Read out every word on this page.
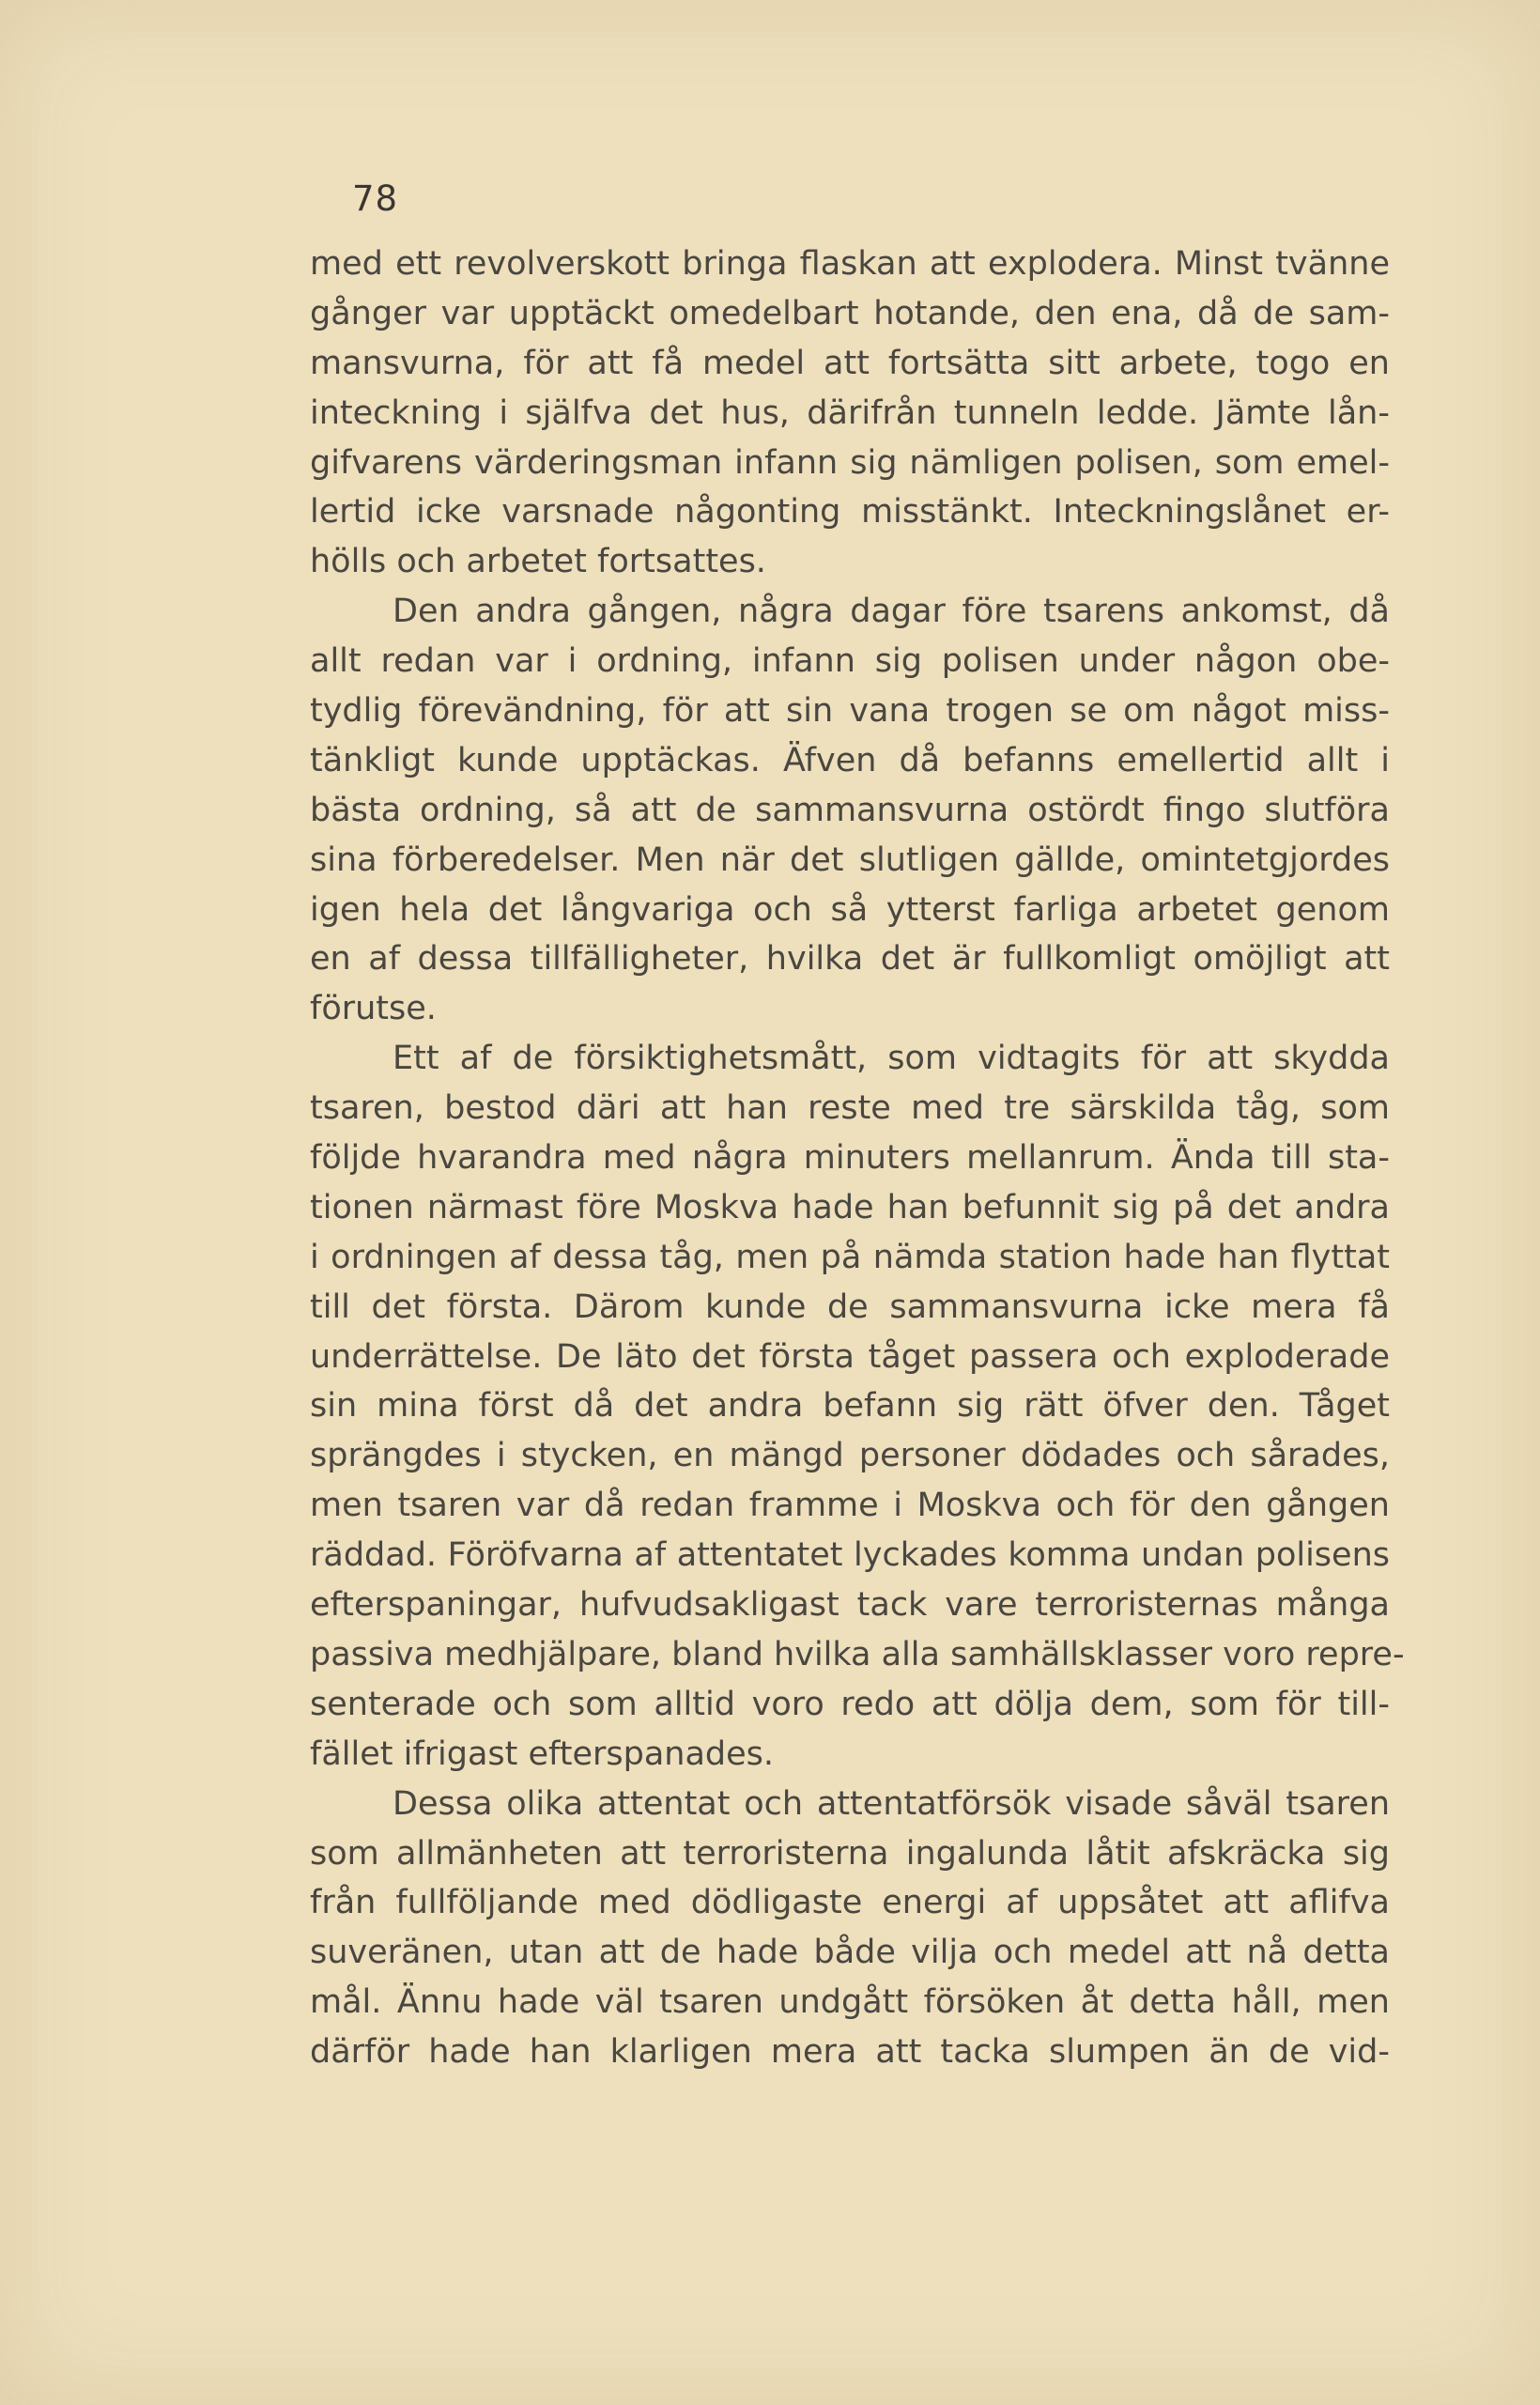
78
med ett revolverskott bringa flaskan att explodera. Minst tvänne
gånger var upptäckt omedelbart hotande, den ena, då de sam-
mansvurna, för att få medel att fortsätta sitt arbete, togo en
inteckning i själfva det hus, därifrån tunneln ledde. Jämte lån-
gifvarens värderingsman infann sig nämligen polisen, som emel-
lertid icke varsnade någonting misstänkt. Inteckningslånet er-
hölls och arbetet fortsattes.
Den andra gången, några dagar före tsarens ankomst, då
allt redan var i ordning, infann sig polisen under någon obe-
tydlig förevändning, för att sin vana trogen se om något miss-
tänkligt kunde upptäckas. Äfven då befanns emellertid allt i
bästa ordning, så att de sammansvurna ostördt fingo slutföra
sina förberedelser. Men när det slutligen gällde, omintetgjordes
igen hela det långvariga och så ytterst farliga arbetet genom
en af dessa tillfälligheter, hvilka det är fullkomligt omöjligt att
förutse.
Ett af de försiktighetsmått, som vidtagits för att skydda
tsaren, bestod däri att han reste med tre särskilda tåg, som
följde hvarandra med några minuters mellanrum. Ända till sta-
tionen närmast före Moskva hade han befunnit sig på det andra
i ordningen af dessa tåg, men på nämda station hade han flyttat
till det första. Därom kunde de sammansvurna icke mera få
underrättelse. De läto det första tåget passera och exploderade
sin mina först då det andra befann sig rätt öfver den. Tåget
sprängdes i stycken, en mängd personer dödades och sårades,
men tsaren var då redan framme i Moskva och för den gången
räddad. Föröfvarna af attentatet lyckades komma undan polisens
efterspaningar, hufvudsakligast tack vare terroristernas många
passiva medhjälpare, bland hvilka alla samhällsklasser voro repre-
senterade och som alltid voro redo att dölja dem, som för till-
fället ifrigast efterspanades.
Dessa olika attentat och attentatförsök visade såväl tsaren
som allmänheten att terroristerna ingalunda låtit afskräcka sig
från fullföljande med dödligaste energi af uppsåtet att aflifva
suveränen, utan att de hade både vilja och medel att nå detta
mål. Ännu hade väl tsaren undgått försöken åt detta håll, men
därför hade han klarligen mera att tacka slumpen än de vid-
